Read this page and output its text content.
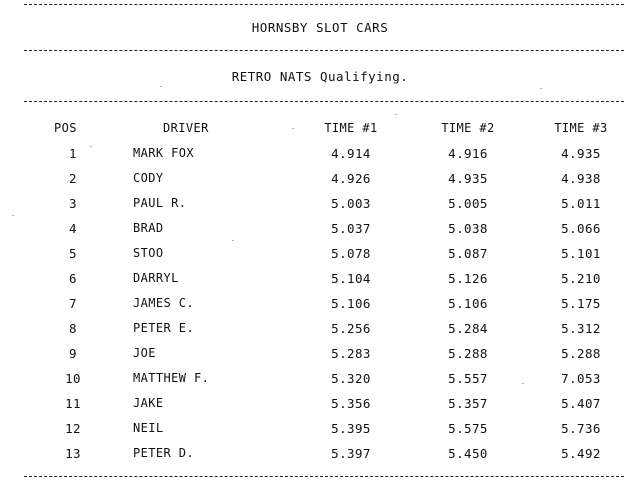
HORNSBY SLOT CARS
RETRO NATS Qualifying.
POS	DRIVER	TIME #1	TIME #2	TIME #3
1	MARK FOX	4.914	4.916	4.935
2	CODY	4.926	4.935	4.938
3	PAUL R.	5.003	5.005	5.011
4	BRAD	5.037	5.038	5.066
5	STOO	5.078	5.087	5.101
6	DARRYL	5.104	5.126	5.210
7	JAMES C.	5.106	5.106	5.175
8	PETER E.	5.256	5.284	5.312
9	JOE	5.283	5.288	5.288
10	MATTHEW F.	5.320	5.557	7.053
11	JAKE	5.356	5.357	5.407
12	NEIL	5.395	5.575	5.736
13	PETER D.	5.397	5.450	5.492
